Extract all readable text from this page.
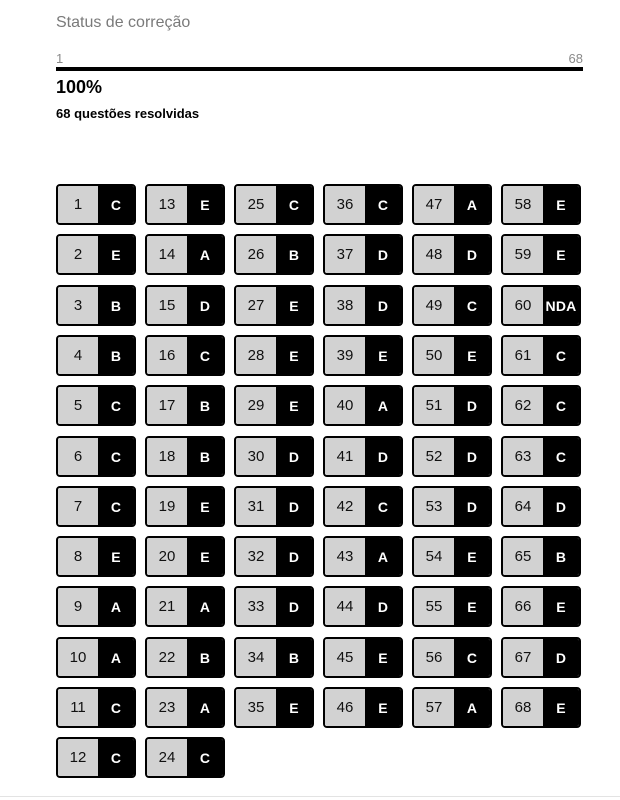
Status de correção
1	68
100%
68 questões resolvidas
1	C
2	E
3	B
4	B
5	C
6	C
7	C
8	E
9	A
10	A
11	C
12	C
13	E
14	A
15	D
16	C
17	B
18	B
19	E
20	E
21	A
22	B
23	A
24	C
25	C
26	B
27	E
28	E
29	E
30	D
31	D
32	D
33	D
34	B
35	E
36	C
37	D
38	D
39	E
40	A
41	D
42	C
43	A
44	D
45	E
46	E
47	A
48	D
49	C
50	E
51	D
52	D
53	D
54	E
55	E
56	C
57	A
58	E
59	E
60	NDA
61	C
62	C
63	C
64	D
65	B
66	E
67	D
68	E
